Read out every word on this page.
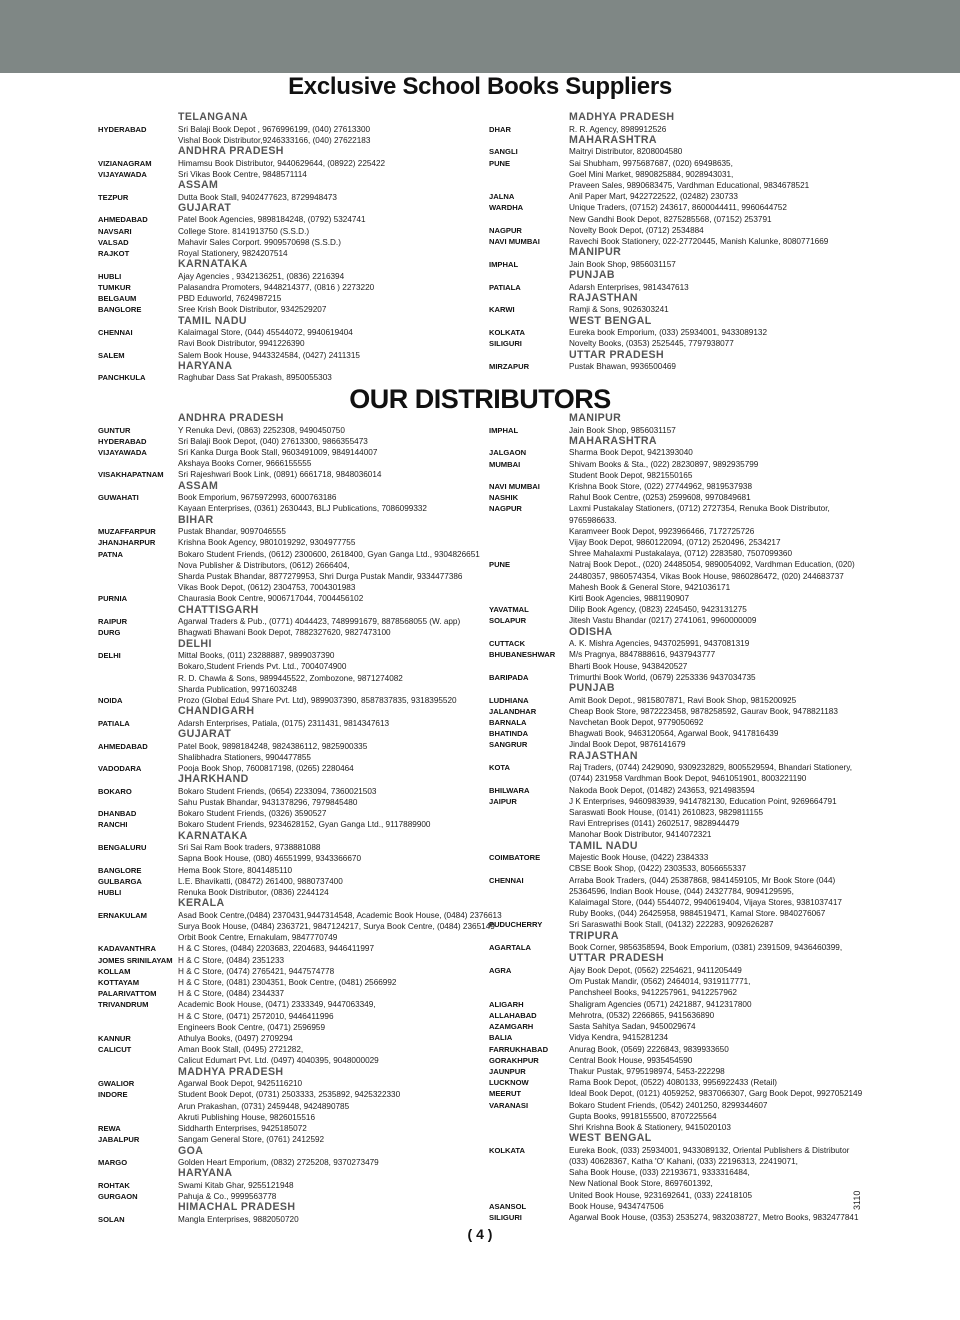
Exclusive School Books Suppliers
TELANGANA
HYDERABAD	Sri Balaji Book Depot , 9676996199, (040) 27613300
Vishal Book Distributor,9246333166, (040) 27622183
ANDHRA PRADESH
VIZIANAGRAM	Himamsu Book Distributor, 9440629644, (08922) 225422
VIJAYAWADA	Sri Vikas Book Centre, 9848571114
ASSAM
TEZPUR	Dutta Book Stall, 9402477623, 8729948473
GUJARAT
AHMEDABAD	Patel Book Agencies, 9898184248, (0792) 5324741
NAVSARI	College Store. 8141913750 (S.S.D.)
VALSAD	Mahavir Sales Corport. 9909570698 (S.S.D.)
RAJKOT	Royal Stationery, 9824207514
KARNATAKA
HUBLI	Ajay Agencies , 9342136251, (0836) 2216394
TUMKUR	Palasandra Promoters, 9448214377, (0816 ) 2273220
BELGAUM	PBD Eduworld, 7624987215
BANGLORE	Sree Krish Book Distributor, 9342529207
TAMIL NADU
CHENNAI	Kalaimagal Store, (044) 45544072, 9940619404
Ravi Book Distributor, 9941226390
SALEM	Salem Book House, 9443324584, (0427) 2411315
HARYANA
PANCHKULA	Raghubar Dass Sat Prakash, 8950055303
MADHYA PRADESH
DHAR	R. R. Agency, 8989912526
MAHARASHTRA
SANGLI	Maitryi Distributor, 8208004580
PUNE	Sai Shubham, 9975687687, (020) 69498635,
Goel Mini Market, 9890825884, 9028943031,
Praveen Sales, 9890683475, Vardhman Educational, 9834678521
JALNA	Anil Paper Mart, 9422722522, (02482) 230733
WARDHA	Unique Traders, (07152) 243617, 8600044411, 9960644752
New Gandhi Book Depot, 8275285568, (07152) 253791
NAGPUR	Novelty Book Depot, (0712) 2534884
NAVI MUMBAI	Ravechi Book Stationery, 022-27720445, Manish Kalunke, 8080771669
MANIPUR
IMPHAL	Jain Book Shop, 9856031157
PUNJAB
PATIALA	Adarsh Enterprises, 9814347613
RAJASTHAN
KARWI	Ramji & Sons, 9026303241
WEST BENGAL
KOLKATA	Eureka book Emporium, (033) 25934001, 9433089132
SILIGURI	Novelty Books, (0353) 2525445, 7797938077
UTTAR PRADESH
MIRZAPUR	Pustak Bhawan, 9936500469
OUR DISTRIBUTORS
ANDHRA PRADESH
GUNTUR	Y Renuka Devi, (0863) 2252308, 9490450750
HYDERABAD	Sri Balaji Book Depot, (040) 27613300, 9866355473
VIJAYAWADA	Sri Kanka Durga Book Stall, 9603491009, 9849144007
Akshaya Books Corner, 9666155555
VISAKHAPATNAM	Sri Rajeshwari Book Link, (0891) 6661718, 9848036014
ASSAM
GUWAHATI	Book Emporium, 9675972993, 6000763186
Kayaan Enterprises, (0361) 2630443, BLJ Publications, 7086099332
BIHAR
MUZAFFARPUR	Pustak Bhandar, 9097046555
JHANJHARPUR	Krishna Book Agency, 9801019292, 9304977755
PATNA	Bokaro Student Friends, (0612) 2300600, 2618400, Gyan Ganga Ltd., 9304826651
Nova Publisher & Distributors, (0612) 2666404,
Sharda Pustak Bhandar, 8877279953, Shri Durga Pustak Mandir, 9334477386
Vikas Book Depot, (0612) 2304753, 7004301983
PURNIA	Chaurasia Book Centre, 9006717044, 7004456102
CHATTISGARH
RAIPUR	Agarwal Traders & Pub., (0771) 4044423, 7489991679, 8878568055 (W. app)
DURG	Bhagwati Bhawani Book Depot, 7882327620, 9827473100
DELHI
DELHI	Mittal Books, (011) 23288887, 9899037390
Bokaro,Student Friends Pvt. Ltd., 7004074900
R. D. Chawla & Sons, 9899445522, Zombozone, 9871274082
Sharda Publication, 9971603248
NOIDA	Prozo (Global Edu4 Share Pvt. Ltd), 9899037390, 8587837835, 9318395520
CHANDIGARH
PATIALA	Adarsh Enterprises, Patiala, (0175) 2311431, 9814347613
GUJARAT
AHMEDABAD	Patel Book, 9898184248, 9824386112, 9825900335
Shalibhadra Stationers, 9904477855
VADODARA	Pooja Book Shop, 7600817198, (0265) 2280464
JHARKHAND
BOKARO	Bokaro Student Friends, (0654) 2233094, 7360021503
Sahu Pustak Bhandar, 9431378296, 7979845480
DHANBAD	Bokaro Student Friends, (0326) 3590527
RANCHI	Bokaro Student Friends, 9234628152, Gyan Ganga Ltd., 9117889900
KARNATAKA
BENGALURU	Sri Sai Ram Book traders, 9738881088
Sapna Book House, (080) 46551999, 9343366670
BANGLORE	Hema Book Store, 8041485110
GULBARGA	L.E. Bhavikatti, (08472) 261400, 9880737400
HUBLI	Renuka Book Distributor, (0836) 2244124
KERALA
ERNAKULAM	Asad Book Centre,(0484) 2370431,9447314548, Academic Book House, (0484) 2376613
Surya Book House, (0484) 2363721, 9847124217, Surya Book Centre, (0484) 2365149
Orbit Book Centre, Ernakulam, 9847770749
KADAVANTHRA	H & C Stores, (0484) 2203683, 2204683, 9446411997
JOMES SRINILAYAM H & C Store, (0484) 2351233
KOLLAM	H & C Store, (0474) 2765421, 9447574778
KOTTAYAM	H & C Store, (0481) 2304351, Book Centre, (0481) 2566992
PALARIVATTOM	H & C Store, (0484) 2344337
TRIVANDRUM	Academic Book House, (0471) 2333349, 9447063349,
H & C Store, (0471) 2572010, 9446411996
Engineers Book Centre, (0471) 2596959
KANNUR	Athulya Books, (0497) 2709294
CALICUT	Aman Book Stall, (0495) 2721282,
Calicut Edumart Pvt. Ltd. (0497) 4040395, 9048000029
MADHYA PRADESH
GWALIOR	Agarwal Book Depot, 9425116210
INDORE	Student Book Depot, (0731) 2503333, 2535892, 9425322330
Arun Prakashan, (0731) 2459448, 9424890785
Akruti Publishing House, 9826015516
REWA	Siddharth Enterprises, 9425185072
JABALPUR	Sangam General Store, (0761) 2412592
GOA
MARGO	Golden Heart Emporium, (0832) 2725208, 9370273479
HARYANA
ROHTAK	Swami Kitab Ghar, 9255121948
GURGAON	Pahuja & Co., 9999563778
HIMACHAL PRADESH
SOLAN	Mangla Enterprises, 9882050720
MANIPUR
IMPHAL	Jain Book Shop, 9856031157
MAHARASHTRA
JALGAON	Sharma Book Depot, 9421393040
MUMBAI	Shivam Books & Sta., (022) 28230897, 9892935799
Student Book Depot, 9821550165
NAVI MUMBAI	Krishna Book Store, (022) 27744962, 9819537938
NASHIK	Rahul Book Centre, (0253) 2599608, 9970849681
NAGPUR	Laxmi Pustakalay Stationers, (0712) 2727354, Renuka Book Distributor,
9765986633.
Karamveer Book Depot, 9923966466, 7172725726
Vijay Book Depot, 9860122094, (0712) 2520496, 2534217
Shree Mahalaxmi Pustakalaya, (0712) 2283580, 7507099360
PUNE	Natraj Book Depot., (020) 24485054, 9890054092, Vardhman Education, (020)
24480357, 9860574354, Vikas Book House, 9860286472, (020) 244683737
Mahesh Book & General Store, 9421036171
Kirti Book Agencies, 9881190907
YAVATMAL	Dilip Book Agency, (0823) 2245450, 9423131275
SOLAPUR	Jitesh Vastu Bhandar (0217) 2741061, 9960000009
ODISHA
CUTTACK	A. K. Mishra Agencies, 9437025991, 9437081319
BHUBANESHWAR	M/s Pragnya, 8847888616, 9437943777
Bharti Book House, 9438420527
BARIPADA	Trimurthi Book World, (0679) 2253336 9437034735
PUNJAB
LUDHIANA	Amit Book Depot., 9815807871, Ravi Book Shop, 9815200925
JALANDHAR	Cheap Book Store, 9872223458, 9878258592, Gaurav Book, 9478821183
BARNALA	Navchetan Book Depot, 9779050692
BHATINDA	Bhagwati Book, 9463120564, Agarwal Book, 9417816439
SANGRUR	Jindal Book Depot, 9876141679
RAJASTHAN
KOTA	Raj Traders, (0744) 2429090, 9309232829, 8005529594, Bhandari Stationery,
(0744) 231958 Vardhman Book Depot, 9461051901, 8003221190
BHILWARA	Nakoda Book Depot, (01482) 243653, 9214983594
JAIPUR	J K Enterprises, 9460983939, 9414782130, Education Point, 9269664791
Saraswati Book House, (0141) 2610823, 9829811155
Ravi Entreprises (0141) 2602517, 9828944479
Manohar Book Distributor, 9414072321
TAMIL NADU
COIMBATORE	Majestic Book House, (0422) 2384333
CBSE Book Shop, (0422) 2303533, 8056655337
CHENNAI	Arraba Book Traders, (044) 25387868, 9841459105, Mr Book Store (044)
25364596, Indian Book House, (044) 24327784, 9094129595,
Kalaimagal Store, (044) 5544072, 9940619404, Vijaya Stores, 9381037417
Ruby Books, (044) 26425958, 9884519471, Kamal Store. 9840276067
PUDUCHERRY	Sri Saraswathi Book Stall, (04132) 222283, 9092626287
TRIPURA
AGARTALA	Book Corner, 9856358594, Book Emporium, (0381) 2391509, 9436460399,
UTTAR PRADESH
AGRA	Ajay Book Depot, (0562) 2254621, 9411205449
Om Pustak Mandir, (0562) 2464014, 9319117771,
Panchsheel Books, 9412257961, 9412257962
ALIGARH	Shaligram Agencies (0571) 2421887, 9412317800
ALLAHABAD	Mehrotra, (0532) 2266865, 9415636890
AZAMGARH	Sasta Sahitya Sadan, 9450029674
BALIA	Vidya Kendra, 9415281234
FARRUKHABAD	Anurag Book, (0569) 2226843, 9839933650
GORAKHPUR	Central Book House, 9935454590
JAUNPUR	Thakur Pustak, 9795198974, 5453-222298
LUCKNOW	Rama Book Depot, (0522) 4080133, 9956922433 (Retail)
MEERUT	Ideal Book Depot, (0121) 4059252, 9837066307, Garg Book Depot, 9927052149
VARANASI	Bokaro Student Friends, (0542) 2401250, 8299344607
Gupta Books, 9918155500, 8707225564
Shri Krishna Book & Stationery, 9415020103
WEST BENGAL
KOLKATA	Eureka Book, (033) 25934001, 9433089132, Oriental Publishers & Distributor
(033) 40628367, Katha 'O' Kahani, (033) 22196313, 22419071,
Saha Book House, (033) 22193671, 9333316484,
New National Book Store, 8697601392,
United Book House, 9231692641, (033) 22418105
ASANSOL	Book House, 9434747506
SILIGURI	Agarwal Book House, (0353) 2535274, 9832038727, Metro Books, 9832477841
( 4 )
3110
